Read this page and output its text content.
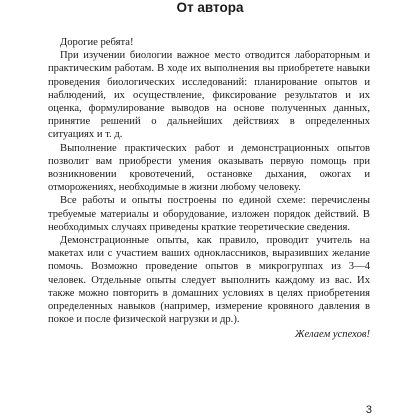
От автора

Дорогие ребята!

При изучении биологии важное место отводится лабораторным и практическим работам. В ходе их выполнения вы приобретете навыки проведения биологических исследований: планирование опытов и наблюдений, их осуществление, фиксирование результатов и их оценка, формулирование выводов на основе полученных данных, принятие решений о дальнейших действиях в определенных ситуациях и т. д.

Выполнение практических работ и демонстрационных опытов позволит вам приобрести умения оказывать первую помощь при возникновении кровотечений, остановке дыхания, ожогах и отморожениях, необходимые в жизни любому человеку.

Все работы и опыты построены по единой схеме: перечислены требуемые материалы и оборудование, изложен порядок действий. В необходимых случаях приведены краткие теоретические сведения.

Демонстрационные опыты, как правило, проводит учитель на макетах или с участием ваших одноклассников, выразивших желание помочь. Возможно проведение опытов в микрогруппах из 3—4 человек. Отдельные опыты следует выполнить каждому из вас. Их также можно повторить в домашних условиях в целях приобретения определенных навыков (например, измерение кровяного давления в покое и после физической нагрузки и др.).

Желаем успехов!

3
